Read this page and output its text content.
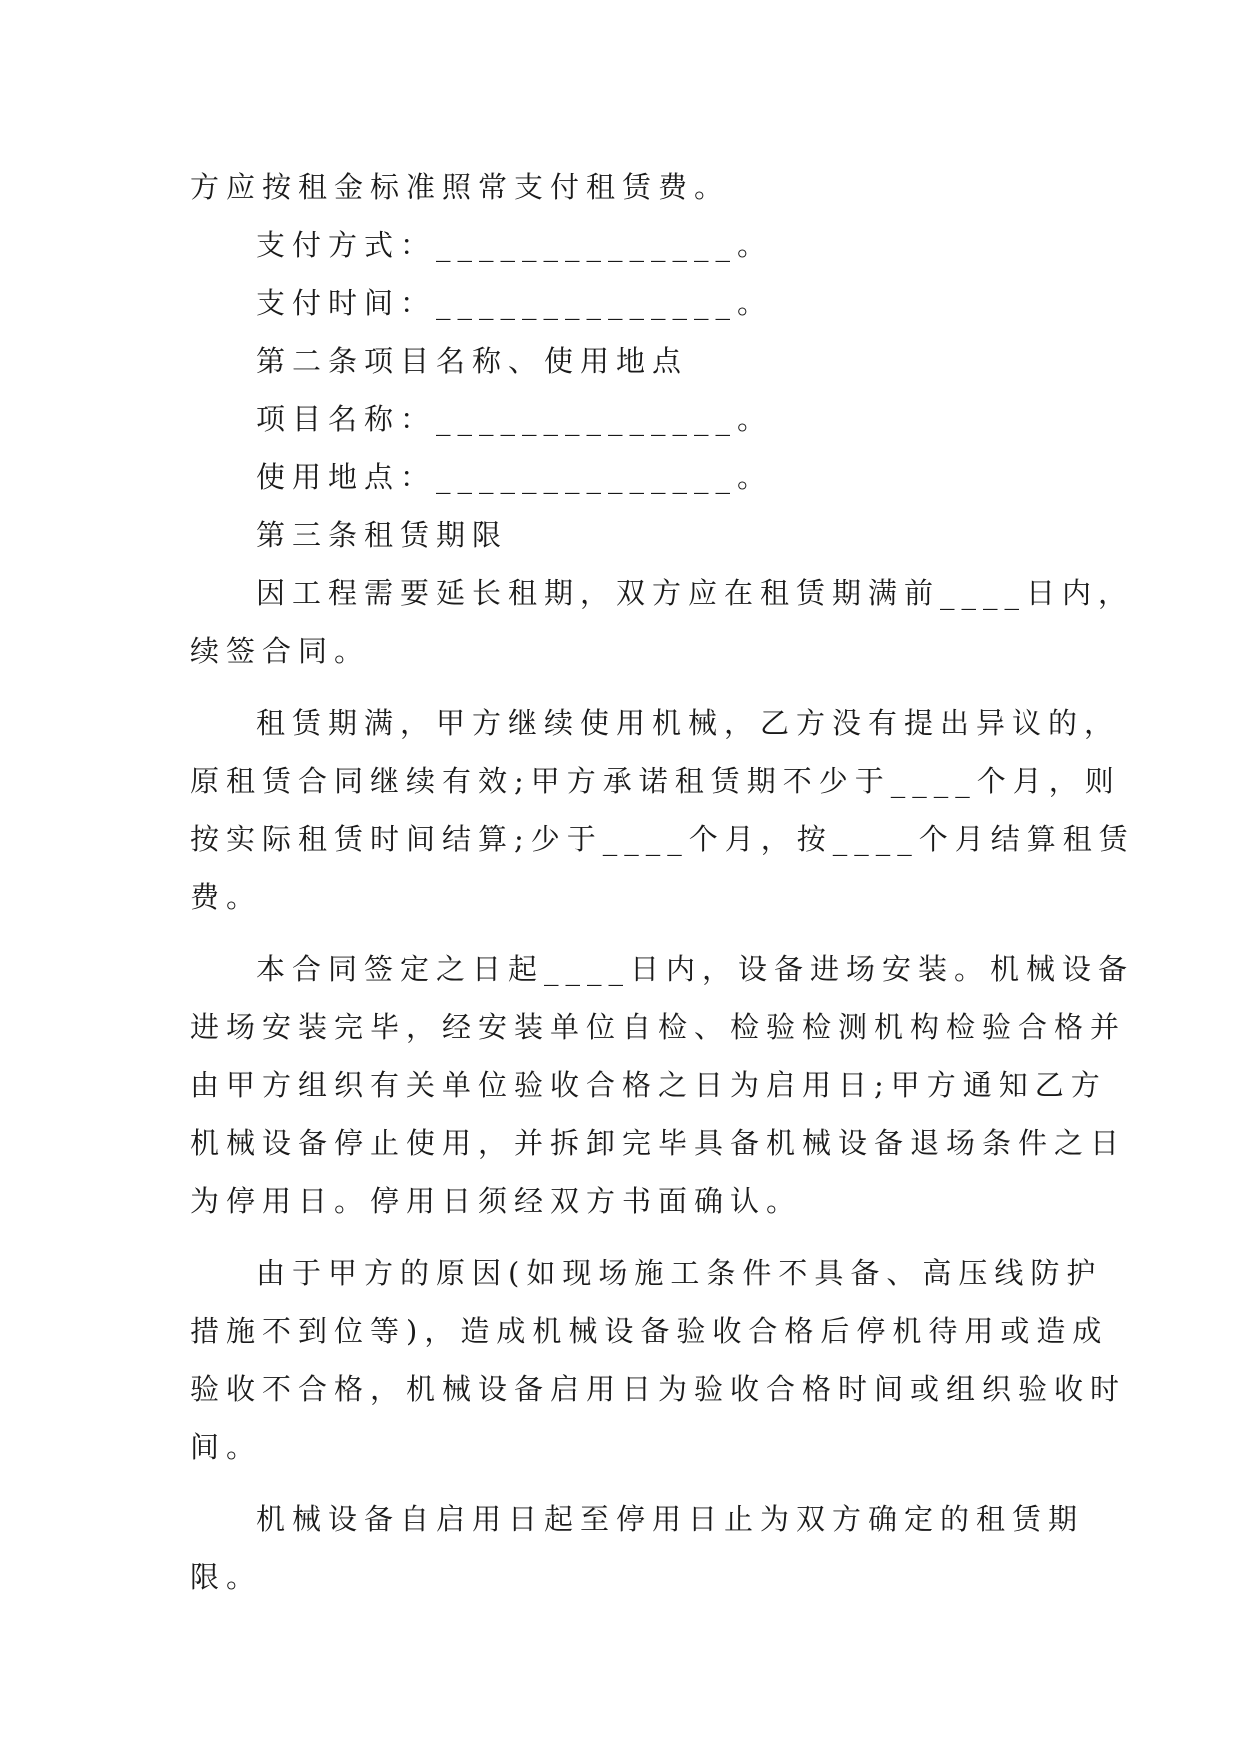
方应按租金标准照常支付租赁费。
支付方式：______________。
支付时间：______________。
第二条项目名称、使用地点
项目名称：______________。
使用地点：______________。
第三条租赁期限
因工程需要延长租期，双方应在租赁期满前____日内，
续签合同。
租赁期满，甲方继续使用机械，乙方没有提出异议的，
原租赁合同继续有效;甲方承诺租赁期不少于____个月，则
按实际租赁时间结算;少于____个月，按____个月结算租赁
费。
本合同签定之日起____日内，设备进场安装。机械设备
进场安装完毕，经安装单位自检、检验检测机构检验合格并
由甲方组织有关单位验收合格之日为启用日;甲方通知乙方
机械设备停止使用，并拆卸完毕具备机械设备退场条件之日
为停用日。停用日须经双方书面确认。
由于甲方的原因(如现场施工条件不具备、高压线防护
措施不到位等)，造成机械设备验收合格后停机待用或造成
验收不合格，机械设备启用日为验收合格时间或组织验收时
间。
机械设备自启用日起至停用日止为双方确定的租赁期
限。
